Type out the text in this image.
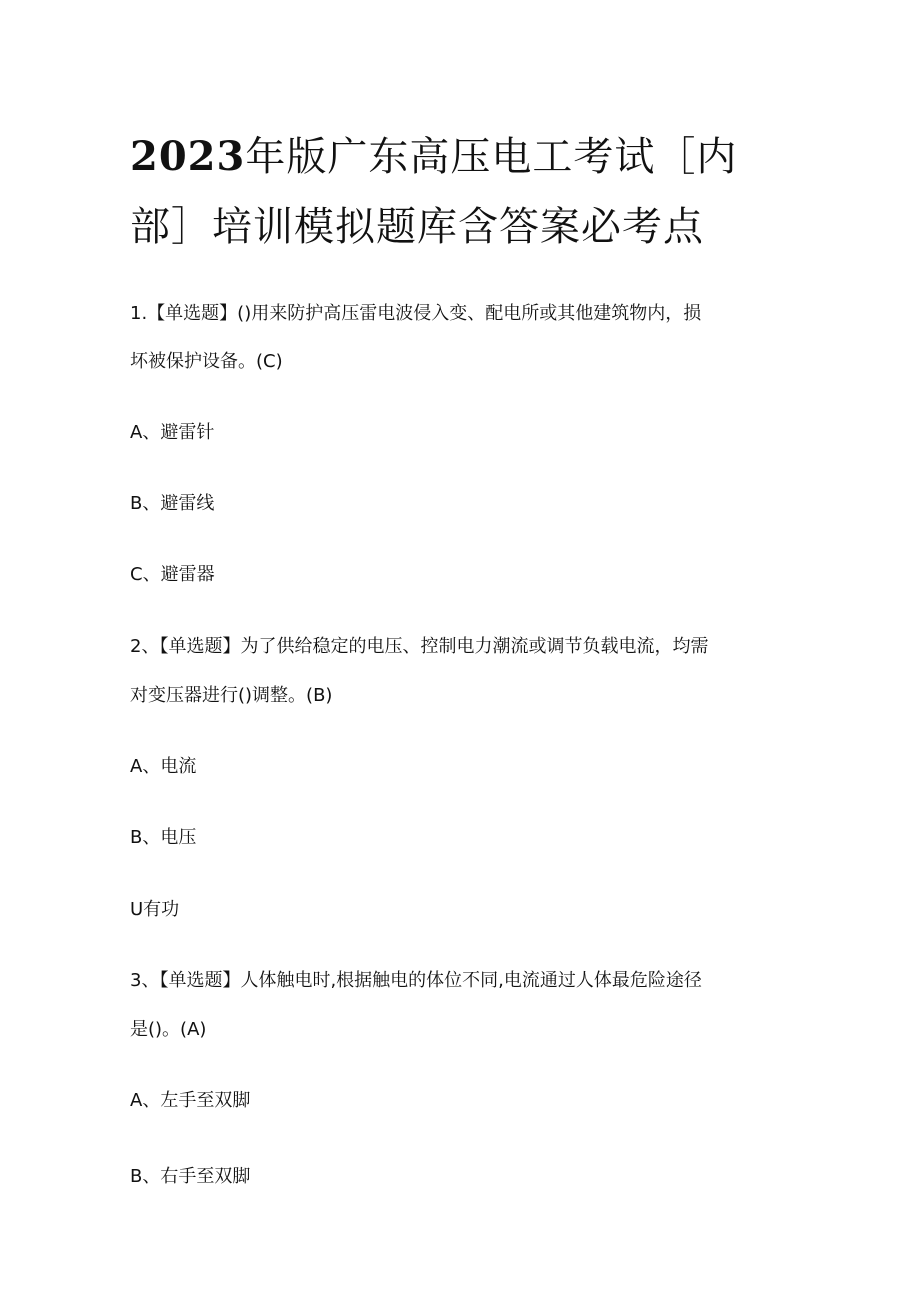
2023年版广东高压电工考试［内
部］培训模拟题库含答案必考点

1.【单选题】()用来防护高压雷电波侵入变、配电所或其他建筑物内，损

坏被保护设备。(C)

A、避雷针

B、避雷线

C、避雷器

2、【单选题】为了供给稳定的电压、控制电力潮流或调节负载电流，均需

对变压器进行()调整。(B)

A、电流

B、电压

U有功

3、【单选题】人体触电时,根据触电的体位不同,电流通过人体最危险途径

是()。(A)

A、左手至双脚

B、右手至双脚
